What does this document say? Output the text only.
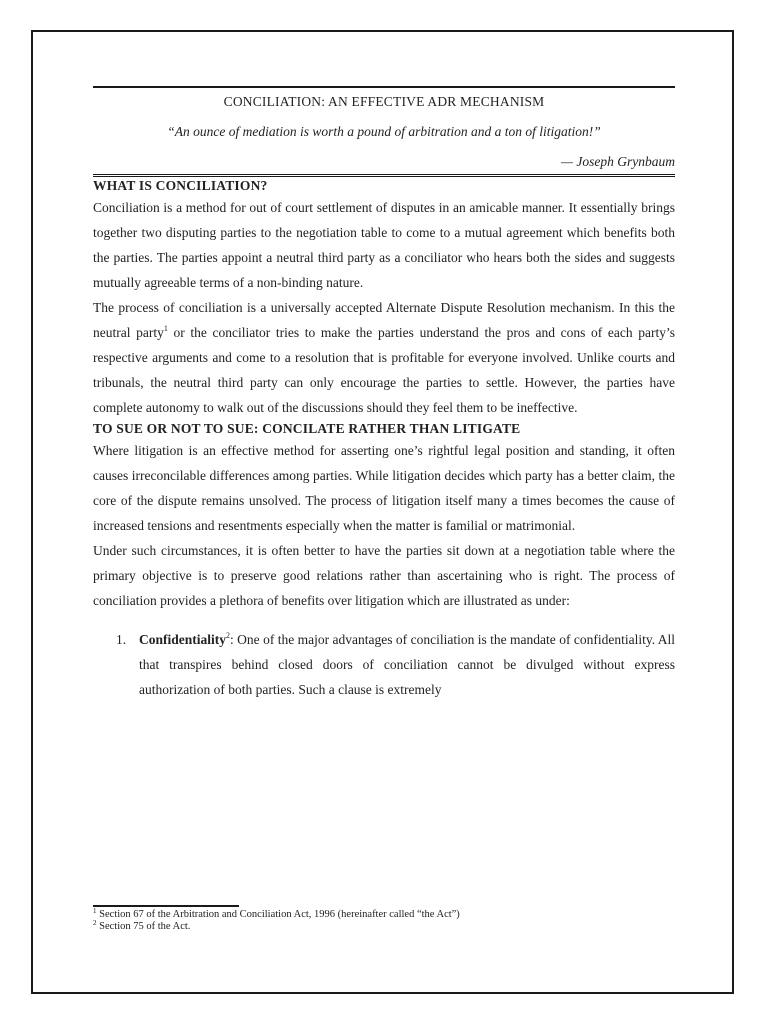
CONCILIATION: AN EFFECTIVE ADR MECHANISM
“An ounce of mediation is worth a pound of arbitration and a ton of litigation!”
— Joseph Grynbaum
WHAT IS CONCILIATION?

Conciliation is a method for out of court settlement of disputes in an amicable manner. It essentially brings together two disputing parties to the negotiation table to come to a mutual agreement which benefits both the parties. The parties appoint a neutral third party as a conciliator who hears both the sides and suggests mutually agreeable terms of a non-binding nature.

The process of conciliation is a universally accepted Alternate Dispute Resolution mechanism. In this the neutral party$^1$ or the conciliator tries to make the parties understand the pros and cons of each party’s respective arguments and come to a resolution that is profitable for everyone involved. Unlike courts and tribunals, the neutral third party can only encourage the parties to settle. However, the parties have complete autonomy to walk out of the discussions should they feel them to be ineffective.

TO SUE OR NOT TO SUE: CONCILATE RATHER THAN LITIGATE

Where litigation is an effective method for asserting one’s rightful legal position and standing, it often causes irreconcilable differences among parties. While litigation decides which party has a better claim, the core of the dispute remains unsolved. The process of litigation itself many a times becomes the cause of increased tensions and resentments especially when the matter is familial or matrimonial.

Under such circumstances, it is often better to have the parties sit down at a negotiation table where the primary objective is to preserve good relations rather than ascertaining who is right. The process of conciliation provides a plethora of benefits over litigation which are illustrated as under:

1. Confidentiality$^2$: One of the major advantages of conciliation is the mandate of confidentiality. All that transpires behind closed doors of conciliation cannot be divulged without express authorization of both parties. Such a clause is extremely
$^1$ Section 67 of the Arbitration and Conciliation Act, 1996 (hereinafter called “the Act”)
$^2$ Section 75 of the Act.
